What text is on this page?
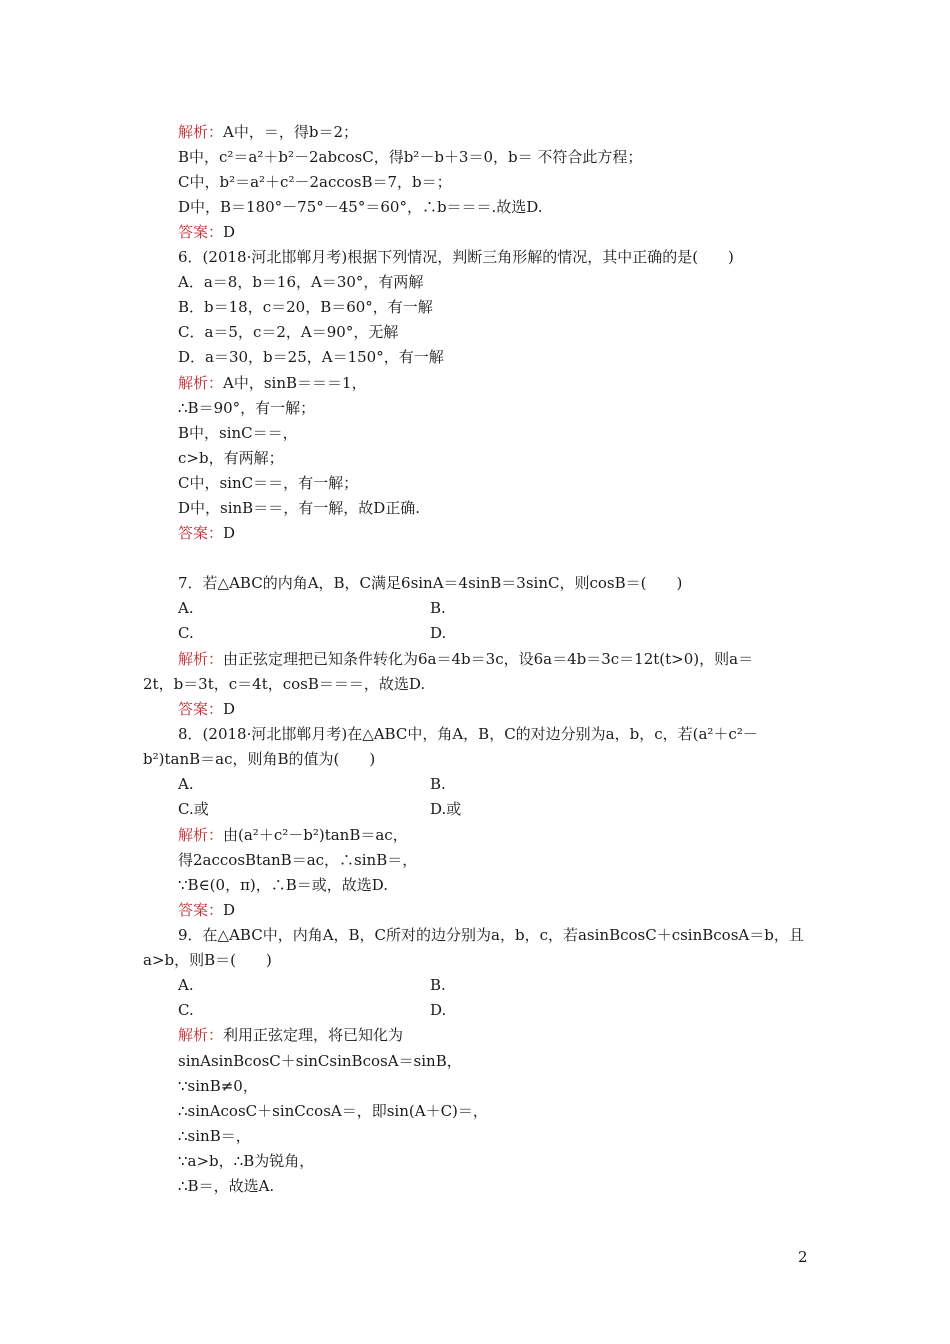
解析：A中，＝，得b＝2；
B中，c²＝a²＋b²－2abcosC，得b²－b＋3＝0，b＝ 不符合此方程；
C中，b²＝a²＋c²－2accosB＝7，b＝；
D中，B＝180°－75°－45°＝60°，∴b＝＝＝.故选D.
答案：D
6．(2018·河北邯郸月考)根据下列情况，判断三角形解的情况，其中正确的是(　　)
A．a＝8，b＝16，A＝30°，有两解
B．b＝18，c＝20，B＝60°，有一解
C．a＝5，c＝2，A＝90°，无解
D．a＝30，b＝25，A＝150°，有一解
解析：A中，sinB＝＝＝1，
∴B＝90°，有一解；
B中，sinC＝＝，
c>b，有两解；
C中，sinC＝＝，有一解；
D中，sinB＝＝，有一解，故D正确.
答案：D
7．若△ABC的内角A，B，C满足6sinA＝4sinB＝3sinC，则cosB＝(　　)
A.	B.
C.	D.
解析：由正弦定理把已知条件转化为6a＝4b＝3c，设6a＝4b＝3c＝12t(t>0)，则a＝
2t，b＝3t，c＝4t，cosB＝＝＝，故选D.
答案：D
8．(2018·河北邯郸月考)在△ABC中，角A，B，C的对边分别为a，b，c，若(a²＋c²－
b²)tanB＝ac，则角B的值为(　　)
A.	B.
C.或	D.或
解析：由(a²＋c²－b²)tanB＝ac，
得2accosBtanB＝ac，∴sinB＝，
∵B∈(0，π)，∴B＝或，故选D.
答案：D
9．在△ABC中，内角A，B，C所对的边分别为a，b，c，若asinBcosC＋csinBcosA＝b，且
a>b，则B＝(　　)
A.	B.
C.	D.
解析：利用正弦定理，将已知化为
sinAsinBcosC＋sinCsinBcosA＝sinB，
∵sinB≠0，
∴sinAcosC＋sinCcosA＝，即sin(A＋C)＝，
∴sinB＝，
∵a>b，∴B为锐角，
∴B＝，故选A.
2
